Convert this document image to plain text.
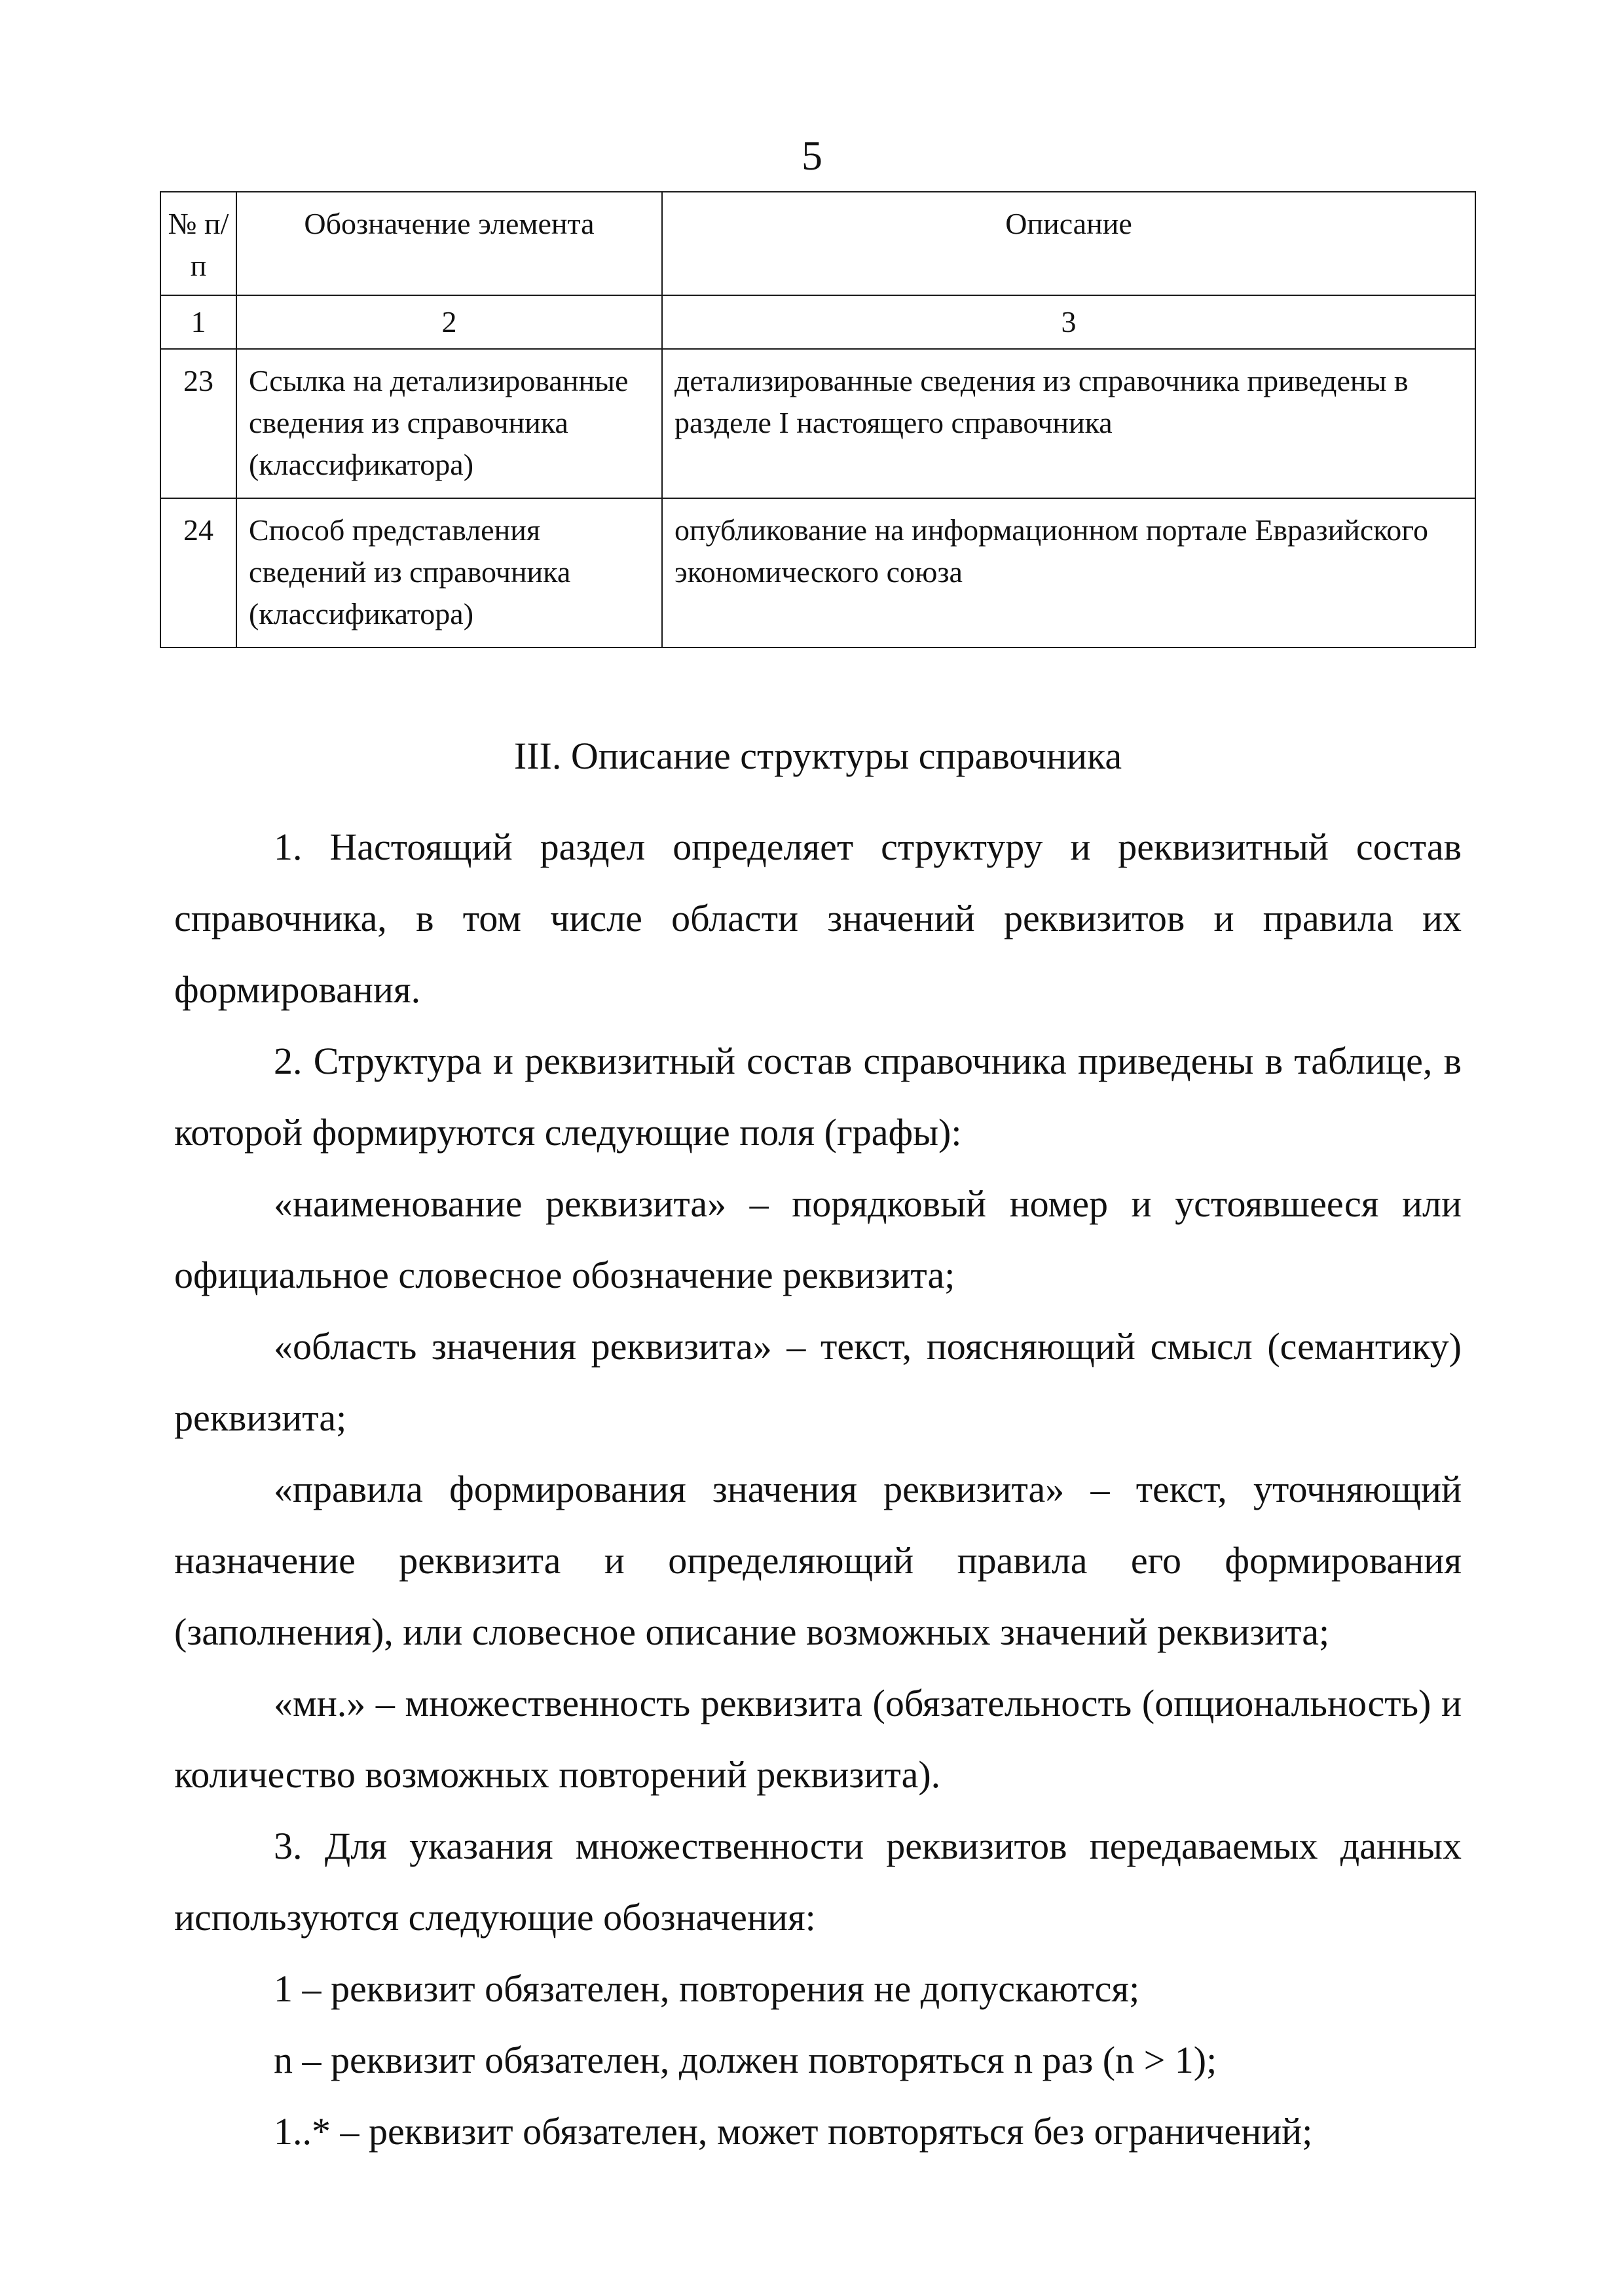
5
№ п/п	Обозначение элемента	Описание
1	2	3
23	Ссылка на детализированные сведения из справочника (классификатора)	детализированные сведения из справочника приведены в разделе I настоящего справочника
24	Способ представления сведений из справочника (классификатора)	опубликование на информационном портале Евразийского экономического союза
III. Описание структуры справочника

1. Настоящий раздел определяет структуру и реквизитный состав справочника, в том числе области значений реквизитов и правила их формирования.

2. Структура и реквизитный состав справочника приведены в таблице, в которой формируются следующие поля (графы):

«наименование реквизита» – порядковый номер и устоявшееся или официальное словесное обозначение реквизита;

«область значения реквизита» – текст, поясняющий смысл (семантику) реквизита;

«правила формирования значения реквизита» – текст, уточняющий назначение реквизита и определяющий правила его формирования (заполнения), или словесное описание возможных значений реквизита;

«мн.» – множественность реквизита (обязательность (опциональность) и количество возможных повторений реквизита).

3. Для указания множественности реквизитов передаваемых данных используются следующие обозначения:

1 – реквизит обязателен, повторения не допускаются;

n – реквизит обязателен, должен повторяться n раз (n > 1);

1..* – реквизит обязателен, может повторяться без ограничений;
